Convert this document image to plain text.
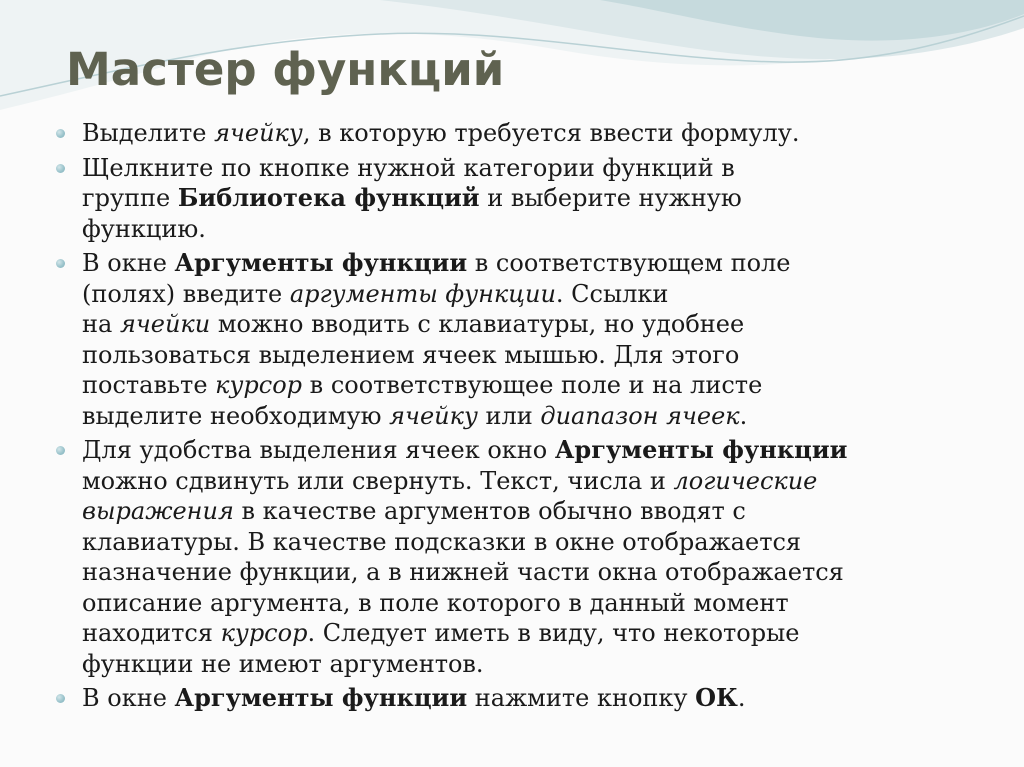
Мастер функций
Выделите ячейку, в которую требуется ввести формулу.
Щелкните по кнопке нужной категории функций в
группе Библиотека функций и выберите нужную
функцию.
В окне Аргументы функции в соответствующем поле
(полях) введите аргументы функции. Ссылки
на ячейки можно вводить с клавиатуры, но удобнее
пользоваться выделением ячеек мышью. Для этого
поставьте курсор в соответствующее поле и на листе
выделите необходимую ячейку или диапазон ячеек.
Для удобства выделения ячеек окно Аргументы функции
можно сдвинуть или свернуть. Текст, числа и логические
выражения в качестве аргументов обычно вводят с
клавиатуры. В качестве подсказки в окне отображается
назначение функции, а в нижней части окна отображается
описание аргумента, в поле которого в данный момент
находится курсор. Следует иметь в виду, что некоторые
функции не имеют аргументов.
В окне Аргументы функции нажмите кнопку ОК.
